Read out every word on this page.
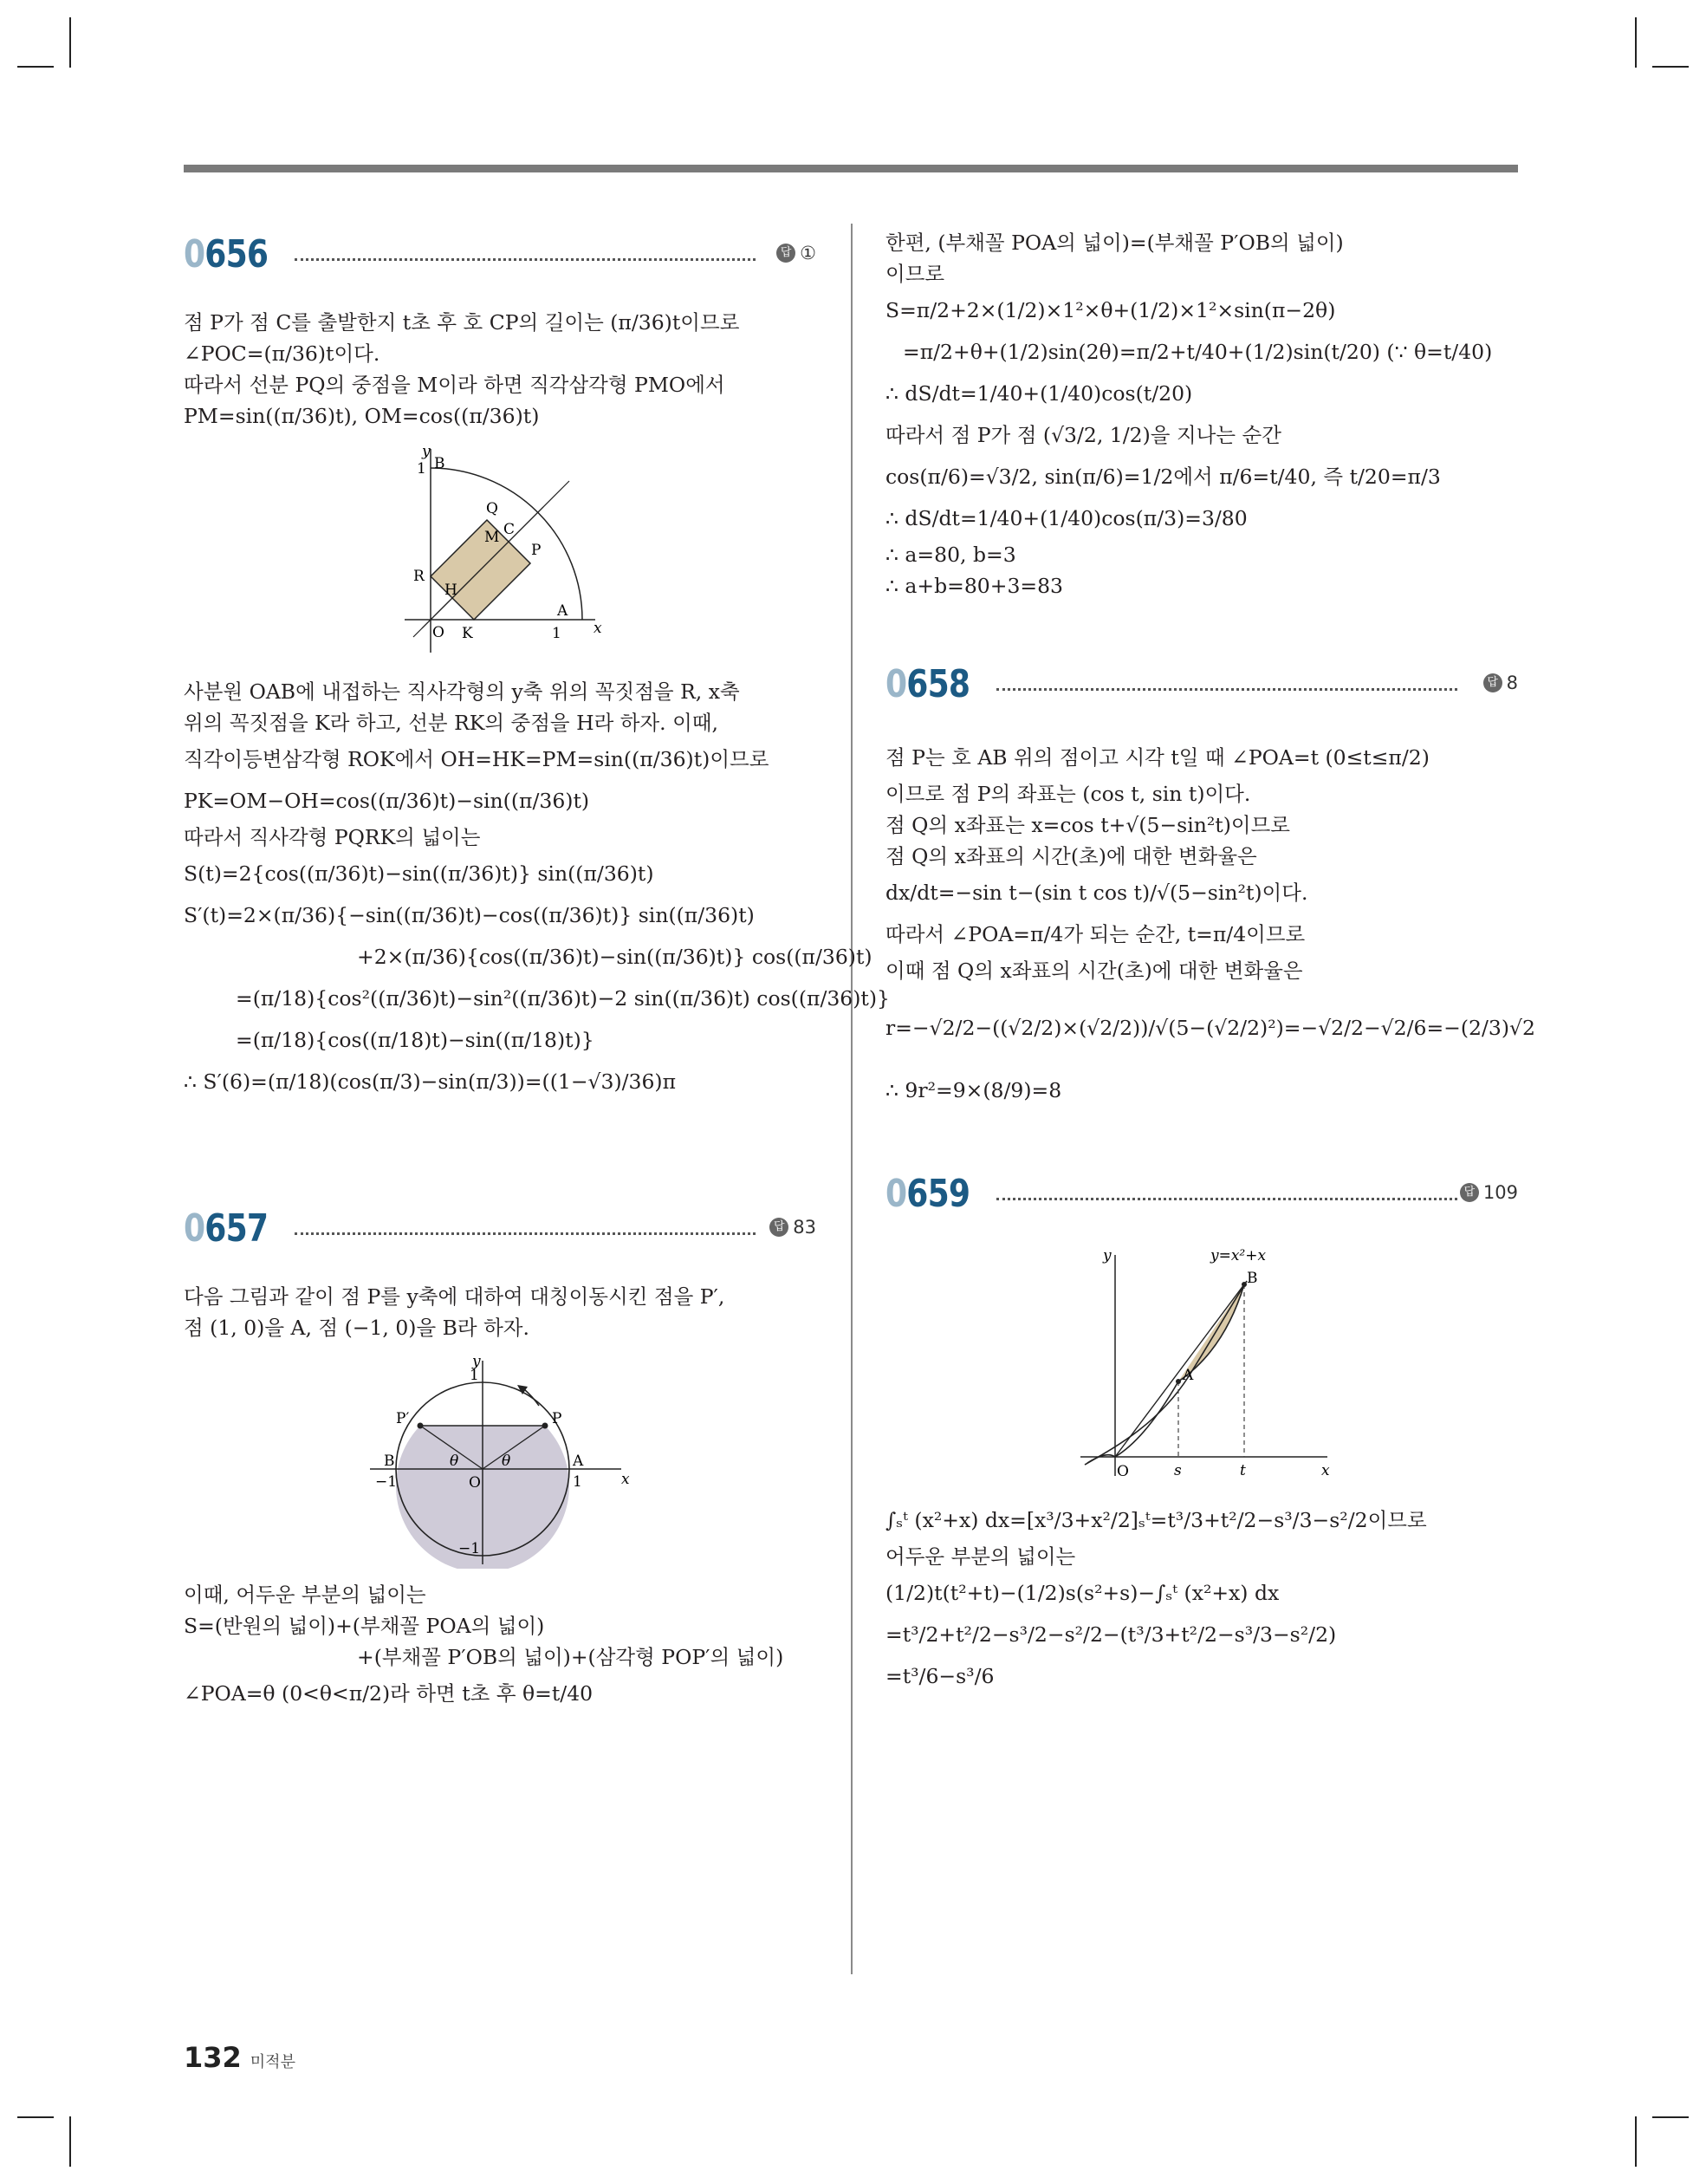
0656	답 ①
점 P가 점 C를 출발한지 t초 후 호 CP의 길이는 (π/36)t이므로
∠POC=(π/36)t이다.
따라서 선분 PQ의 중점을 M이라 하면 직각삼각형 PMO에서
PM=sin((π/36)t), OM=cos((π/36)t)
y
x
O
1 B
1
A
Q
M C
P
R
H
K
사분원 OAB에 내접하는 직사각형의 y축 위의 꼭짓점을 R, x축
위의 꼭짓점을 K라 하고, 선분 RK의 중점을 H라 하자. 이때,
직각이등변삼각형 ROK에서 OH=HK=PM=sin((π/36)t)이므로
PK=OM−OH=cos((π/36)t)−sin((π/36)t)
따라서 직사각형 PQRK의 넓이는
S(t)=2{cos((π/36)t)−sin((π/36)t)} sin((π/36)t)
S′(t)=2×(π/36){−sin((π/36)t)−cos((π/36)t)} sin((π/36)t)
+2×(π/36){cos((π/36)t)−sin((π/36)t)} cos((π/36)t)
=(π/18){cos²((π/36)t)−sin²((π/36)t)−2 sin((π/36)t) cos((π/36)t)}
=(π/18){cos((π/18)t)−sin((π/18)t)}
∴ S′(6)=(π/18)(cos(π/3)−sin(π/3))=((1−√3)/36)π
0657	답 83
다음 그림과 같이 점 P를 y축에 대하여 대칭이동시킨 점을 P′,
점 (1, 0)을 A, 점 (−1, 0)을 B라 하자.
y
x
1
P′	P
B	A
−1	1
O
θ	θ
−1
이때, 어두운 부분의 넓이는
S=(반원의 넓이)+(부채꼴 POA의 넓이)
+(부채꼴 P′OB의 넓이)+(삼각형 POP′의 넓이)
∠POA=θ (0<θ<π/2)라 하면 t초 후 θ=t/40
한편, (부채꼴 POA의 넓이)=(부채꼴 P′OB의 넓이)
이므로
S=π/2+2×(1/2)×1²×θ+(1/2)×1²×sin(π−2θ)
=π/2+θ+(1/2)sin(2θ)=π/2+t/40+(1/2)sin(t/20) (∵ θ=t/40)
∴ dS/dt=1/40+(1/40)cos(t/20)
따라서 점 P가 점 (√3/2, 1/2)을 지나는 순간
cos(π/6)=√3/2, sin(π/6)=1/2에서 π/6=t/40, 즉 t/20=π/3
∴ dS/dt=1/40+(1/40)cos(π/3)=3/80
∴ a=80, b=3
∴ a+b=80+3=83
0658	답 8
점 P는 호 AB 위의 점이고 시각 t일 때 ∠POA=t (0≤t≤π/2)
이므로 점 P의 좌표는 (cos t, sin t)이다.
점 Q의 x좌표는 x=cos t+√(5−sin²t)이므로
점 Q의 x좌표의 시간(초)에 대한 변화율은
dx/dt=−sin t−(sin t cos t)/√(5−sin²t)이다.
따라서 ∠POA=π/4가 되는 순간, t=π/4이므로
이때 점 Q의 x좌표의 시간(초)에 대한 변화율은
r=−√2/2−((√2/2)×(√2/2))/√(5−(√2/2)²)=−√2/2−√2/6=−(2/3)√2
∴ 9r²=9×(8/9)=8
0659	답 109
y	y=x²+x
B
A
O	s	t	x
∫ₛᵗ (x²+x) dx=[x³/3+x²/2]ₛᵗ=t³/3+t²/2−s³/3−s²/2이므로
어두운 부분의 넓이는
(1/2)t(t²+t)−(1/2)s(s²+s)−∫ₛᵗ (x²+x) dx
=t³/2+t²/2−s³/2−s²/2−(t³/3+t²/2−s³/3−s²/2)
=t³/6−s³/6
132 미적분
